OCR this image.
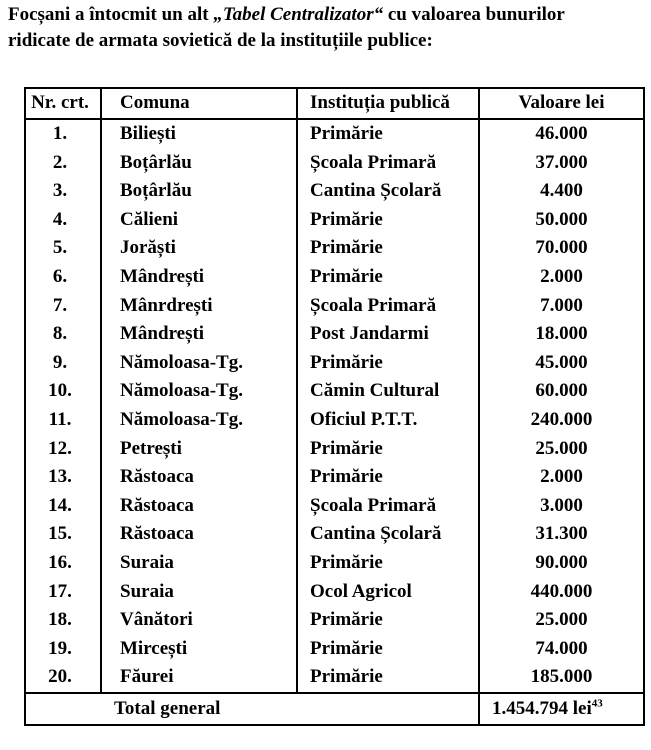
Focșani a întocmit un alt „Tabel Centralizator“ cu valoarea bunurilor
ridicate de armata sovietică de la instituțiile publice:
Nr. crt.	Comuna	Instituția publică	Valoare lei
1.	Biliești	Primărie	46.000
2.	Boțârlău	Școala Primară	37.000
3.	Boțârlău	Cantina Școlară	4.400
4.	Călieni	Primărie	50.000
5.	Jorăști	Primărie	70.000
6.	Mândrești	Primărie	2.000
7.	Mânrdrești	Școala Primară	7.000
8.	Mândrești	Post Jandarmi	18.000
9.	Nămoloasa-Tg.	Primărie	45.000
10.	Nămoloasa-Tg.	Cămin Cultural	60.000
11.	Nămoloasa-Tg.	Oficiul P.T.T.	240.000
12.	Petrești	Primărie	25.000
13.	Răstoaca	Primărie	2.000
14.	Răstoaca	Școala Primară	3.000
15.	Răstoaca	Cantina Școlară	31.300
16.	Suraia	Primărie	90.000
17.	Suraia	Ocol Agricol	440.000
18.	Vânători	Primărie	25.000
19.	Mircești	Primărie	74.000
20.	Făurei	Primărie	185.000
Total general			1.454.794 lei$^{43}$
